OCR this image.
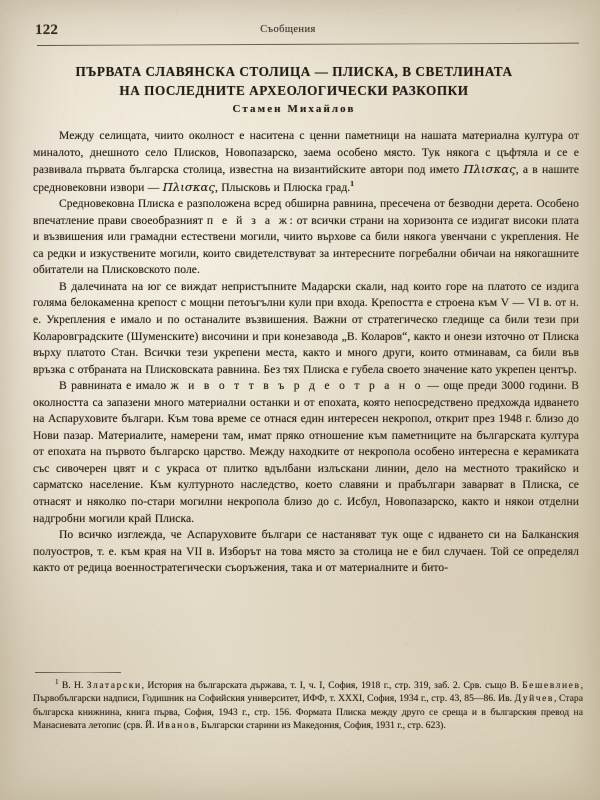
122	Съобщения
ПЪРВАТА СЛАВЯНСКА СТОЛИЦА — ПЛИСКА, В СВЕТЛИНАТА
НА ПОСЛЕДНИТЕ АРХЕОЛОГИЧЕСКИ РАЗКОПКИ
Стамен Михайлов

Между селищата, чиито околност е наситена с ценни паметници на нашата материална култура от миналото, днешното село Плисков, Новопазарско, заема особено място. Тук някога с цъфтяла и се е развивала първата българска столица, известна на византийските автори под името Πλισκας, а в нашите средновековни извори — Πλισκας, Плысковь и Плюска град.$^1$

Средновековна Плиска е разположена всред обширна равнина, пресечена от безводни дерета. Особено впечатление прави своеобразният п е й з а ж: от всички страни на хоризонта се издигат високи плата и възвишения или грамадни естествени могили, чиито върхове са били някога увенчани с укрепления. Не са редки и изкуствените могили, които свидетелствуват за интересните погребални обичаи на някогашните обитатели на Плисковското поле.

В далечината на юг се виждат непристъпните Мадарски скали, над които горе на платото се издига голяма белокаменна крепост с мощни петоъгълни кули при входа. Крепостта е строена към V — VI в. от н. е. Укрепления е имало и по останалите възвишения. Важни от стратегическо гледище са били тези при Коларовградските (Шуменските) височини и при конезавода „В. Коларов“, както и онези източно от Плиска върху платото Стан. Всички тези укрепени места, както и много други, които отминавам, са били във връзка с отбраната на Плисковската равнина. Без тях Плиска е губела своето значение като укрепен център.

В равнината е имало ж и в о т т в ъ р д е о т р а н о — още преди 3000 години. В околността са запазени много материални останки и от епохата, която непосредствено предхожда идването на Аспаруховите българи. Към това време се отнася един интересен некропол, открит през 1948 г. близо до Нови пазар. Материалите, намерени там, имат пряко отношение към паметниците на българската култура от епохата на първото българско царство. Между находките от некропола особено интересна е керамиката със сивочерен цвят и с украса от плитко вдълбани излъскани линии, дело на местното тракийско и сарматско население. Към културното наследство, което славяни и прабългари заварват в Плиска, се отнасят и няколко по-стари могилни некропола близо до с. Исбул, Новопазарско, както и някои отделни надгробни могили край Плиска.

По всичко изглежда, че Аспаруховите българи се настаняват тук още с идването си на Балканския полуостров, т. е. към края на VII в. Изборът на това място за столица не е бил случаен. Той се определял както от редица военностратегически съоръжения, така и от материалните и бито-

$^1$ В. Н. Златарски, История на българската държава, т. I, ч. I, София, 1918 г., стр. 319, заб. 2. Срв. също В. Бешевлиев, Първобългарски надписи, Годишник на Софийския университет, ИФФ, т. XXXI, София, 1934 г., стр. 43, 85—86. Ив. Дуйчев, Стара българска книжнина, книга първа, София, 1943 г., стр. 156. Формата Плиска между друго се среща и в българския превод на Манасиевата летопис (срв. Й. Иванов, Български старини из Македония, София, 1931 г., стр. 623).
